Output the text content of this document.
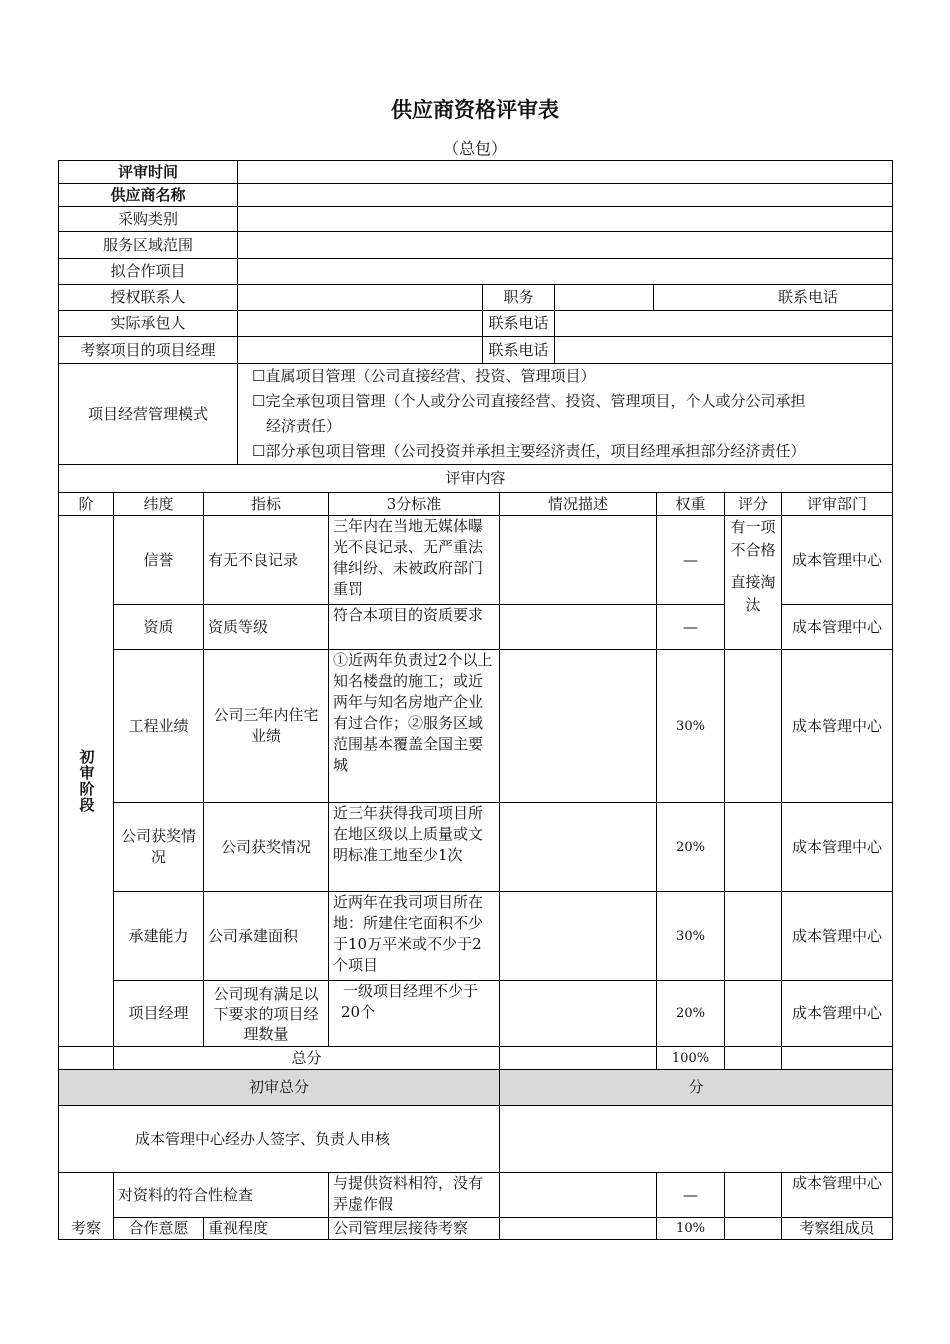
供应商资格评审表
（总包）
评审时间				
供应商名称				
采购类别				
服务区域范围				
拟合作项目				
授权联系人		职务		联系电话
实际承包人		联系电话		
考察项目的项目经理		联系电话		
项目经营管理模式	☐直属项目管理（公司直接经营、投资、管理项目）
☐完全承包项目管理（个人或分公司直接经营、投资、管理项目，个人或分公司承担
经济责任）
☐部分承包项目管理（公司投资并承担主要经济责任，项目经理承担部分经济责任）			
评审内容							
阶	纬度	指标	3分标准	情况描述	权重	评分	评审部门

初审阶段	信誉	有无不良记录	三年内在当地无媒体曝光不良记录、无严重法律纠纷、未被政府部门重罚		—	有一项不合格
直接淘汰	成本管理中心
	资质	资质等级	符合本项目的资质要求		—		成本管理中心
	工程业绩	公司三年内住宅业绩	①近两年负责过2个以上知名楼盘的施工；或近两年与知名房地产企业有过合作；②服务区域范围基本覆盖全国主要城		30%		成本管理中心
	公司获奖情况	公司获奖情况	近三年获得我司项目所在地区级以上质量或文明标准工地至少1次		20%		成本管理中心
	承建能力	公司承建面积	近两年在我司项目所在地：所建住宅面积不少于10万平米或不少于2个项目		30%		成本管理中心
	项目经理	公司现有满足以下要求的项目经理数量	一级项目经理不少于
20个		20%		成本管理中心
	总分				100%		
初审总分				分			
成本管理中心经办人签字、负责人申核							
考察	对资料的符合性检查		与提供资料相符，没有弄虚作假		—		成本管理中心
	合作意愿	重视程度	公司管理层接待考察		10%		考察组成员
